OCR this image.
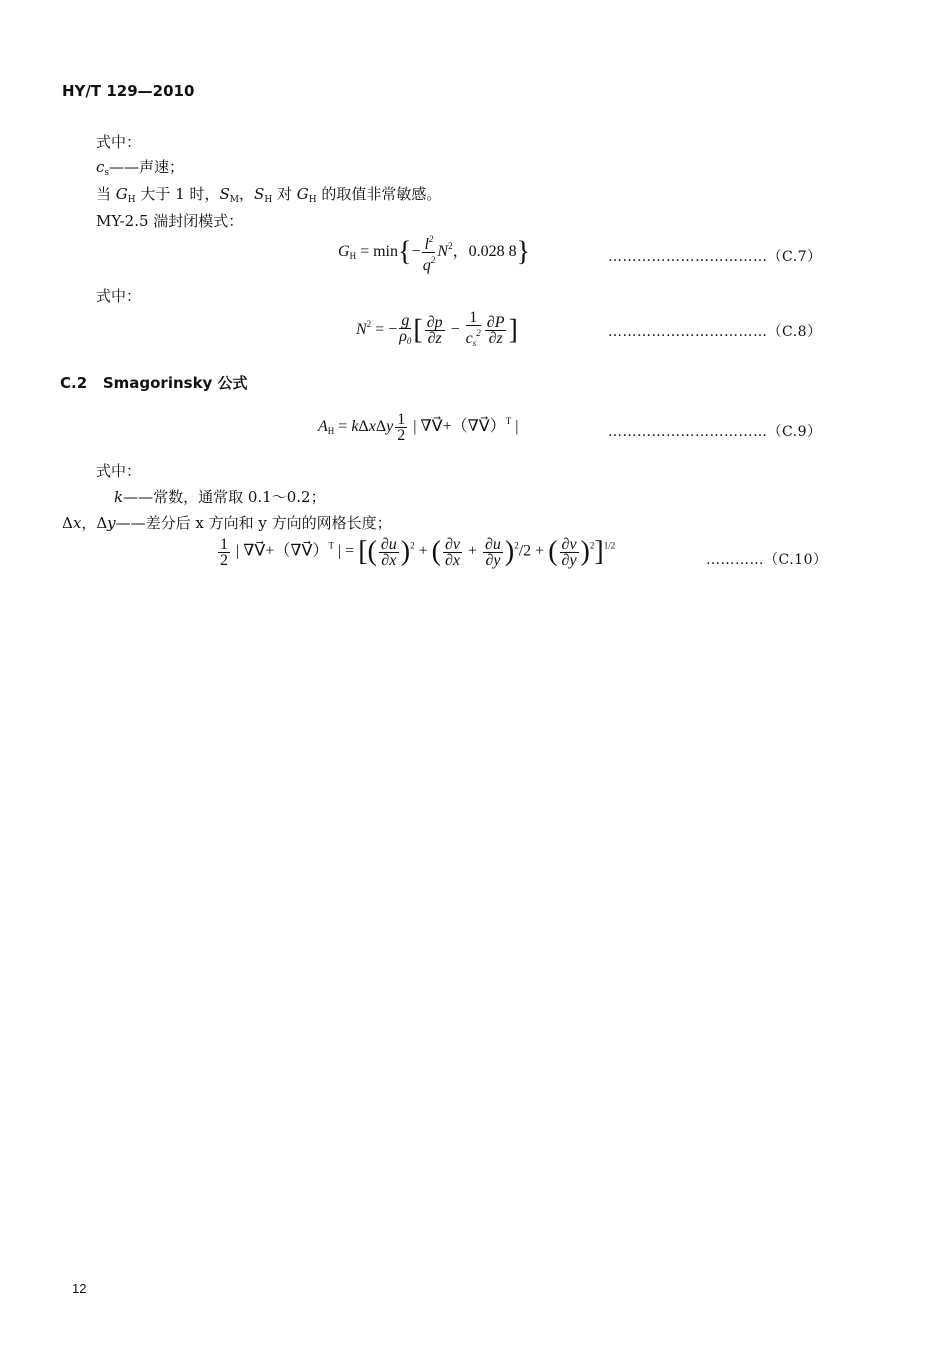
HY/T 129—2010
式中：
$c_s——$声速；
当 $G_H$ 大于 1 时，$S_M$，$S_H$ 对 $G_H$ 的取值非常敏感。
MY-2.5 湍封闭模式：
$G_H = \min\{- \frac{l^2}{q^2} N^2$，0.028 8}	……………………………（C.7）
式中：
$N^2$ = − $\frac{g}{\rho_0}$ [ $\frac{\partial p}{\partial z} - \frac{1}{c_s^2} \frac{\partial P}{\partial z}$ ]	……………………………（C.8）
C.2 Smagorinsky 公式
$A_H = k\Delta x\Delta y \frac{1}{2}$ | ∇V⃗+（∇V⃗）$^T$ |	……………………………（C.9）
式中：
k——常数，通常取 0.1～0.2；
Δx，Δy——差分后 x 方向和 y 方向的网格长度；
$\frac{1}{2}$ | ∇V⃗+（∇V⃗）$^T$ | = [( $\frac{\partial u}{\partial x} )^2$ + ( $\frac{\partial v}{\partial x} + \frac{\partial u}{\partial y} )^2/2$ + ( $\frac{\partial v}{\partial y} )^2]^{1/2}$
…………（C.10）
12
